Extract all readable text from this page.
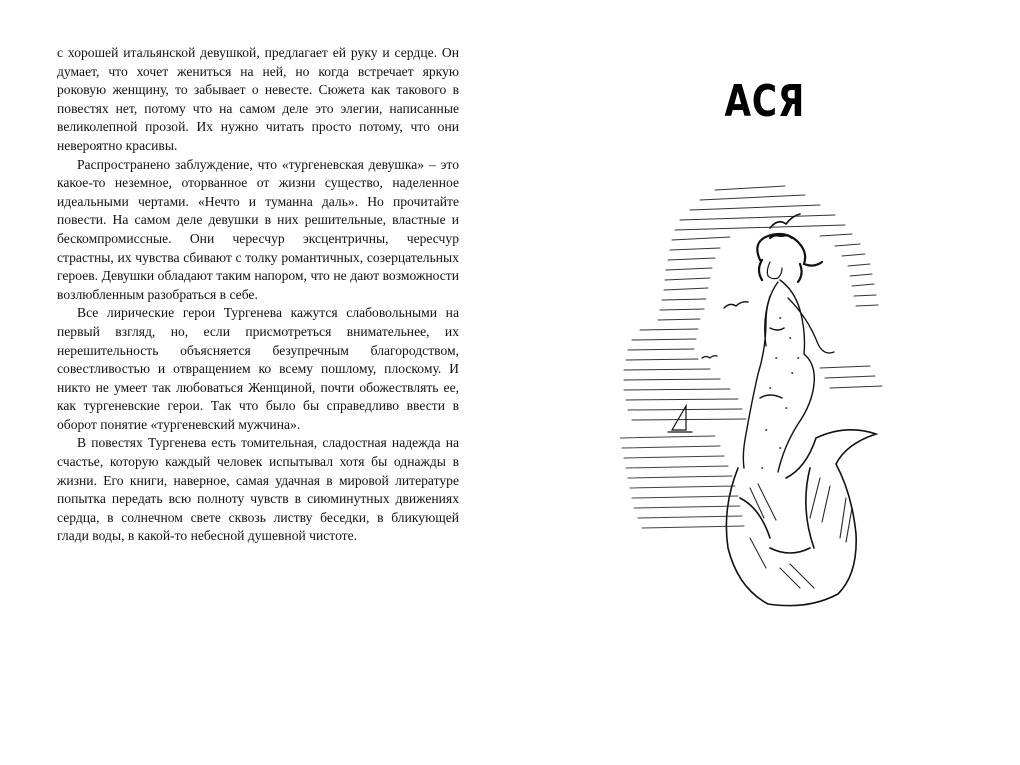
с хорошей итальянской девушкой, предлагает ей руку и сердце. Он думает, что хочет жениться на ней, но когда встречает яркую роковую женщину, то забывает о невесте. Сюжета как такового в повестях нет, потому что на самом деле это элегии, написанные великолепной прозой. Их нужно читать просто потому, что они невероятно красивы.

Распространено заблуждение, что «тургеневская девушка» – это какое-то неземное, оторванное от жизни существо, наделенное идеальными чертами. «Нечто и туманна даль». Но прочитайте повести. На самом деле девушки в них решительные, властные и бескомпромиссные. Они чересчур эксцентричны, чересчур страстны, их чувства сбивают с толку романтичных, созерцательных героев. Девушки обладают таким напором, что не дают возможности возлюбленным разобраться в себе.

Все лирические герои Тургенева кажутся слабовольными на первый взгляд, но, если присмотреться внимательнее, их нерешительность объясняется безупречным благородством, совестливостью и отвращением ко всему пошлому, плоскому. И никто не умеет так любоваться Женщиной, почти обожествлять ее, как тургеневские герои. Так что было бы справедливо ввести в оборот понятие «тургеневский мужчина».

В повестях Тургенева есть томительная, сладостная надежда на счастье, которую каждый человек испытывал хотя бы однажды в жизни. Его книги, наверное, самая удачная в мировой литературе попытка передать всю полноту чувств в сиюминутных движениях сердца, в солнечном свете сквозь листву беседки, в бликующей глади воды, в какой-то небесной душевной чистоте.

АСЯ
